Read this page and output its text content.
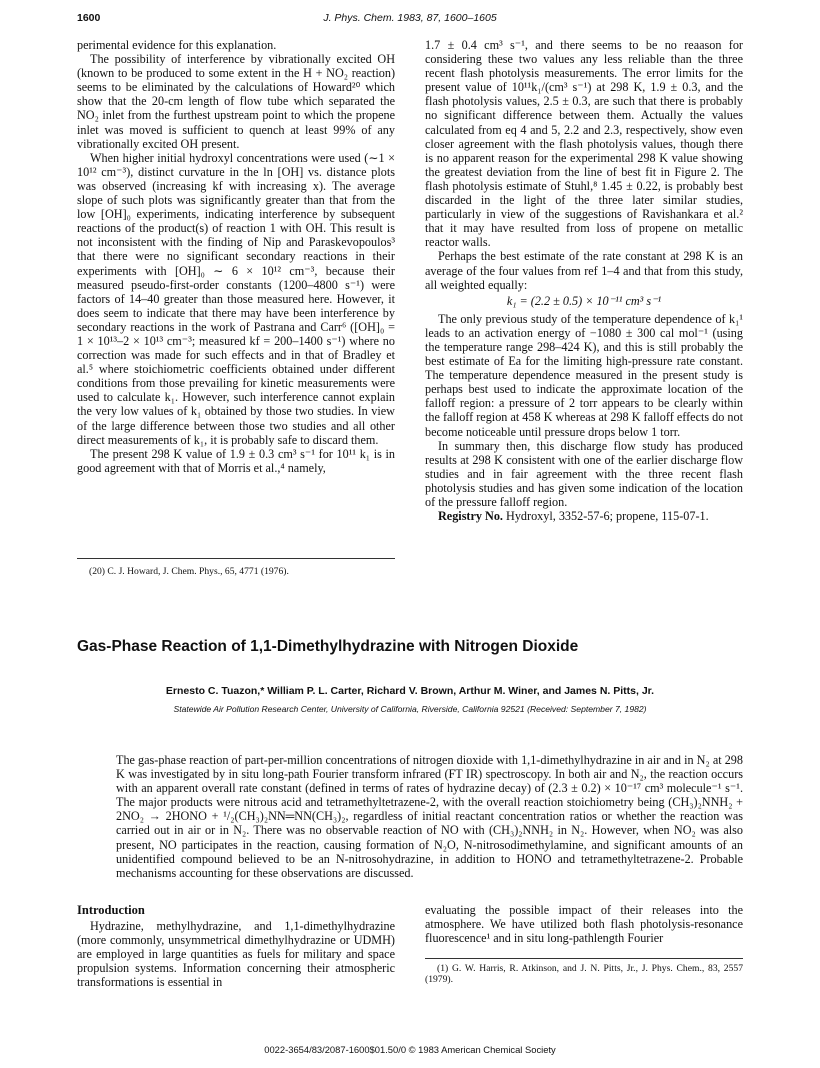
1600	J. Phys. Chem. 1983, 87, 1600–1605

perimental evidence for this explanation.

The possibility of interference by vibrationally excited OH (known to be produced to some extent in the H + NO₂ reaction) seems to be eliminated by the calculations of Howard²⁰ which show that the 20-cm length of flow tube which separated the NO₂ inlet from the furthest upstream point to which the propene inlet was moved is sufficient to quench at least 99% of any vibrationally excited OH present.

When higher initial hydroxyl concentrations were used (∼1 × 10¹² cm⁻³), distinct curvature in the ln [OH] vs. distance plots was observed (increasing kf with increasing x). The average slope of such plots was significantly greater than that from the low [OH]₀ experiments, indicating interference by subsequent reactions of the product(s) of reaction 1 with OH. This result is not inconsistent with the finding of Nip and Paraskevopoulos³ that there were no significant secondary reactions in their experiments with [OH]₀ ∼ 6 × 10¹² cm⁻³, because their measured pseudo-first-order constants (1200–4800 s⁻¹) were factors of 14–40 greater than those measured here. However, it does seem to indicate that there may have been interference by secondary reactions in the work of Pastrana and Carr⁶ ([OH]₀ = 1 × 10¹³–2 × 10¹³ cm⁻³; measured kf = 200–1400 s⁻¹) where no correction was made for such effects and in that of Bradley et al.⁵ where stoichiometric coefficients obtained under different conditions from those prevailing for kinetic measurements were used to calculate k₁. However, such interference cannot explain the very low values of k₁ obtained by those two studies. In view of the large difference between those two studies and all other direct measurements of k₁, it is probably safe to discard them.

The present 298 K value of 1.9 ± 0.3 cm³ s⁻¹ for 10¹¹ k₁ is in good agreement with that of Morris et al.,⁴ namely,

(20) C. J. Howard, J. Chem. Phys., 65, 4771 (1976).

1.7 ± 0.4 cm³ s⁻¹, and there seems to be no reaason for considering these two values any less reliable than the three recent flash photolysis measurements. The error limits for the present value of 10¹¹k₁/(cm³ s⁻¹) at 298 K, 1.9 ± 0.3, and the flash photolysis values, 2.5 ± 0.3, are such that there is probably no significant difference between them. Actually the values calculated from eq 4 and 5, 2.2 and 2.3, respectively, show even closer agreement with the flash photolysis values, though there is no apparent reason for the experimental 298 K value showing the greatest deviation from the line of best fit in Figure 2. The flash photolysis estimate of Stuhl,⁸ 1.45 ± 0.22, is probably best discarded in the light of the three later similar studies, particularly in view of the suggestions of Ravishankara et al.² that it may have resulted from loss of propene on metallic reactor walls.

Perhaps the best estimate of the rate constant at 298 K is an average of the four values from ref 1–4 and that from this study, all weighted equally:

k₁ = (2.2 ± 0.5) × 10⁻¹¹ cm³ s⁻¹

The only previous study of the temperature dependence of k₁¹ leads to an activation energy of −1080 ± 300 cal mol⁻¹ (using the temperature range 298–424 K), and this is still probably the best estimate of Ea for the limiting high-pressure rate constant. The temperature dependence measured in the present study is perhaps best used to indicate the approximate location of the falloff region: a pressure of 2 torr appears to be clearly within the falloff region at 458 K whereas at 298 K falloff effects do not become noticeable until pressure drops below 1 torr.

In summary then, this discharge flow study has produced results at 298 K consistent with one of the earlier discharge flow studies and in fair agreement with the three recent flash photolysis studies and has given some indication of the location of the pressure falloff region.

Registry No. Hydroxyl, 3352-57-6; propene, 115-07-1.

Gas-Phase Reaction of 1,1-Dimethylhydrazine with Nitrogen Dioxide
Ernesto C. Tuazon,* William P. L. Carter, Richard V. Brown, Arthur M. Winer, and James N. Pitts, Jr.
Statewide Air Pollution Research Center, University of California, Riverside, California 92521 (Received: September 7, 1982)
The gas-phase reaction of part-per-million concentrations of nitrogen dioxide with 1,1-dimethylhydrazine in air and in N₂ at 298 K was investigated by in situ long-path Fourier transform infrared (FT IR) spectroscopy. In both air and N₂, the reaction occurs with an apparent overall rate constant (defined in terms of rates of hydrazine decay) of (2.3 ± 0.2) × 10⁻¹⁷ cm³ molecule⁻¹ s⁻¹. The major products were nitrous acid and tetramethyltetrazene-2, with the overall reaction stoichiometry being (CH₃)₂NNH₂ + 2NO₂ → 2HONO + ¹/₂(CH₃)₂NN═NN(CH₃)₂, regardless of initial reactant concentration ratios or whether the reaction was carried out in air or in N₂. There was no observable reaction of NO with (CH₃)₂NNH₂ in N₂. However, when NO₂ was also present, NO participates in the reaction, causing formation of N₂O, N-nitrosodimethylamine, and significant amounts of an unidentified compound believed to be an N-nitrosohydrazine, in addition to HONO and tetramethyltetrazene-2. Probable mechanisms accounting for these observations are discussed.
Introduction

Hydrazine, methylhydrazine, and 1,1-dimethylhydrazine (more commonly, unsymmetrical dimethylhydrazine or UDMH) are employed in large quantities as fuels for military and space propulsion systems. Information concerning their atmospheric transformations is essential in

evaluating the possible impact of their releases into the atmosphere. We have utilized both flash photolysis-resonance fluorescence¹ and in situ long-pathlength Fourier

(1) G. W. Harris, R. Atkinson, and J. N. Pitts, Jr., J. Phys. Chem., 83, 2557 (1979).

0022-3654/83/2087-1600$01.50/0 © 1983 American Chemical Society
